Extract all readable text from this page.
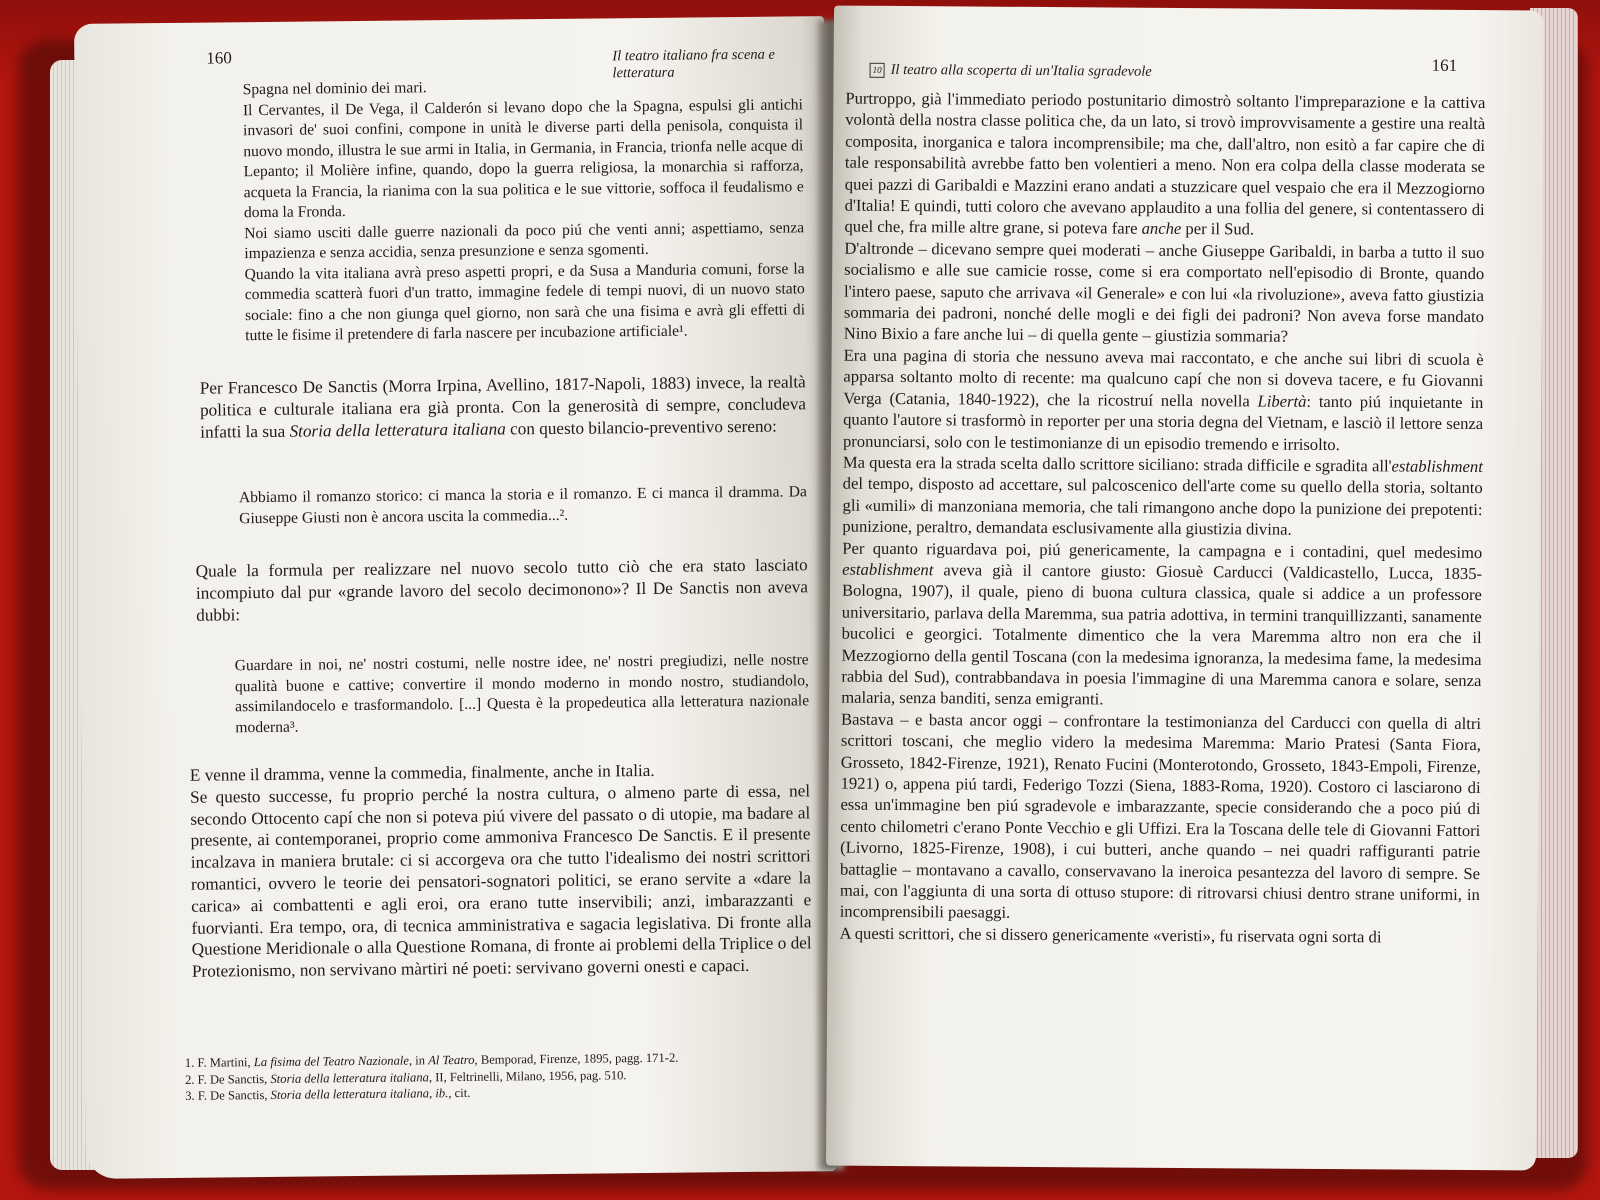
160	Il teatro italiano fra scena e letteratura

Spagna nel dominio dei mari.

Il Cervantes, il De Vega, il Calderón si levano dopo che la Spagna, espulsi gli antichi invasori de' suoi confini, compone in unità le diverse parti della penisola, conquista il nuovo mondo, illustra le sue armi in Italia, in Germania, in Francia, trionfa nelle acque di Lepanto; il Molière infine, quando, dopo la guerra religiosa, la monarchia si rafforza, acqueta la Francia, la rianima con la sua politica e le sue vittorie, soffoca il feudalismo e doma la Fronda.

Noi siamo usciti dalle guerre nazionali da poco piú che venti anni; aspettiamo, senza impazienza e senza accidia, senza presunzione e senza sgomenti.

Quando la vita italiana avrà preso aspetti propri, e da Susa a Manduria comuni, forse la commedia scatterà fuori d'un tratto, immagine fedele di tempi nuovi, di un nuovo stato sociale: fino a che non giunga quel giorno, non sarà che una fisima e avrà gli effetti di tutte le fisime il pretendere di farla nascere per incubazione artificiale¹.

Per Francesco De Sanctis (Morra Irpina, Avellino, 1817-Napoli, 1883) invece, la realtà politica e culturale italiana era già pronta. Con la generosità di sempre, concludeva infatti la sua Storia della letteratura italiana con questo bilancio-preventivo sereno:

Abbiamo il romanzo storico: ci manca la storia e il romanzo. E ci manca il dramma. Da Giuseppe Giusti non è ancora uscita la commedia...².

Quale la formula per realizzare nel nuovo secolo tutto ciò che era stato lasciato incompiuto dal pur «grande lavoro del secolo decimonono»? Il De Sanctis non aveva dubbi:

Guardare in noi, ne' nostri costumi, nelle nostre idee, ne' nostri pregiudizi, nelle nostre qualità buone e cattive; convertire il mondo moderno in mondo nostro, studiandolo, assimilandocelo e trasformandolo. [...] Questa è la propedeutica alla letteratura nazionale moderna³.

E venne il dramma, venne la commedia, finalmente, anche in Italia.

Se questo successe, fu proprio perché la nostra cultura, o almeno parte di essa, nel secondo Ottocento capí che non si poteva piú vivere del passato o di utopie, ma badare al presente, ai contemporanei, proprio come ammoniva Francesco De Sanctis. E il presente incalzava in maniera brutale: ci si accorgeva ora che tutto l'idealismo dei nostri scrittori romantici, ovvero le teorie dei pensatori-sognatori politici, se erano servite a «dare la carica» ai combattenti e agli eroi, ora erano tutte inservibili; anzi, imbarazzanti e fuorvianti. Era tempo, ora, di tecnica amministrativa e sagacia legislativa. Di fronte alla Questione Meridionale o alla Questione Romana, di fronte ai problemi della Triplice o del Protezionismo, non servivano màrtiri né poeti: servivano governi onesti e capaci.

1. F. Martini, La fisima del Teatro Nazionale, in Al Teatro, Bemporad, Firenze, 1895, pagg. 171-2.

2. F. De Sanctis, Storia della letteratura italiana, II, Feltrinelli, Milano, 1956, pag. 510.

3. F. De Sanctis, Storia della letteratura italiana, ib., cit.

10 Il teatro alla scoperta di un'Italia sgradevole	161

Purtroppo, già l'immediato periodo postunitario dimostrò soltanto l'impreparazione e la cattiva volontà della nostra classe politica che, da un lato, si trovò improvvisamente a gestire una realtà composita, inorganica e talora incomprensibile; ma che, dall'altro, non esitò a far capire che di tale responsabilità avrebbe fatto ben volentieri a meno. Non era colpa della classe moderata se quei pazzi di Garibaldi e Mazzini erano andati a stuzzicare quel vespaio che era il Mezzogiorno d'Italia! E quindi, tutti coloro che avevano applaudito a una follia del genere, si contentassero di quel che, fra mille altre grane, si poteva fare anche per il Sud.

D'altronde – dicevano sempre quei moderati – anche Giuseppe Garibaldi, in barba a tutto il suo socialismo e alle sue camicie rosse, come si era comportato nell'episodio di Bronte, quando l'intero paese, saputo che arrivava «il Generale» e con lui «la rivoluzione», aveva fatto giustizia sommaria dei padroni, nonché delle mogli e dei figli dei padroni? Non aveva forse mandato Nino Bixio a fare anche lui – di quella gente – giustizia sommaria?

Era una pagina di storia che nessuno aveva mai raccontato, e che anche sui libri di scuola è apparsa soltanto molto di recente: ma qualcuno capí che non si doveva tacere, e fu Giovanni Verga (Catania, 1840-1922), che la ricostruí nella novella Libertà: tanto piú inquietante in quanto l'autore si trasformò in reporter per una storia degna del Vietnam, e lasciò il lettore senza pronunciarsi, solo con le testimonianze di un episodio tremendo e irrisolto.

Ma questa era la strada scelta dallo scrittore siciliano: strada difficile e sgradita all'establishment del tempo, disposto ad accettare, sul palcoscenico dell'arte come su quello della storia, soltanto gli «umili» di manzoniana memoria, che tali rimangono anche dopo la punizione dei prepotenti: punizione, peraltro, demandata esclusivamente alla giustizia divina.

Per quanto riguardava poi, piú genericamente, la campagna e i contadini, quel medesimo establishment aveva già il cantore giusto: Giosuè Carducci (Valdicastello, Lucca, 1835-Bologna, 1907), il quale, pieno di buona cultura classica, quale si addice a un professore universitario, parlava della Maremma, sua patria adottiva, in termini tranquillizzanti, sanamente bucolici e georgici. Totalmente dimentico che la vera Maremma altro non era che il Mezzogiorno della gentil Toscana (con la medesima ignoranza, la medesima fame, la medesima rabbia del Sud), contrabbandava in poesia l'immagine di una Maremma canora e solare, senza malaria, senza banditi, senza emigranti.

Bastava – e basta ancor oggi – confrontare la testimonianza del Carducci con quella di altri scrittori toscani, che meglio videro la medesima Maremma: Mario Pratesi (Santa Fiora, Grosseto, 1842-Firenze, 1921), Renato Fucini (Monterotondo, Grosseto, 1843-Empoli, Firenze, 1921) o, appena piú tardi, Federigo Tozzi (Siena, 1883-Roma, 1920). Costoro ci lasciarono di essa un'immagine ben piú sgradevole e imbarazzante, specie considerando che a poco piú di cento chilometri c'erano Ponte Vecchio e gli Uffizi. Era la Toscana delle tele di Giovanni Fattori (Livorno, 1825-Firenze, 1908), i cui butteri, anche quando – nei quadri raffiguranti patrie battaglie – montavano a cavallo, conservavano la ineroica pesantezza del lavoro di sempre. Se mai, con l'aggiunta di una sorta di ottuso stupore: di ritrovarsi chiusi dentro strane uniformi, in incomprensibili paesaggi.

A questi scrittori, che si dissero genericamente «veristi», fu riservata ogni sorta di
